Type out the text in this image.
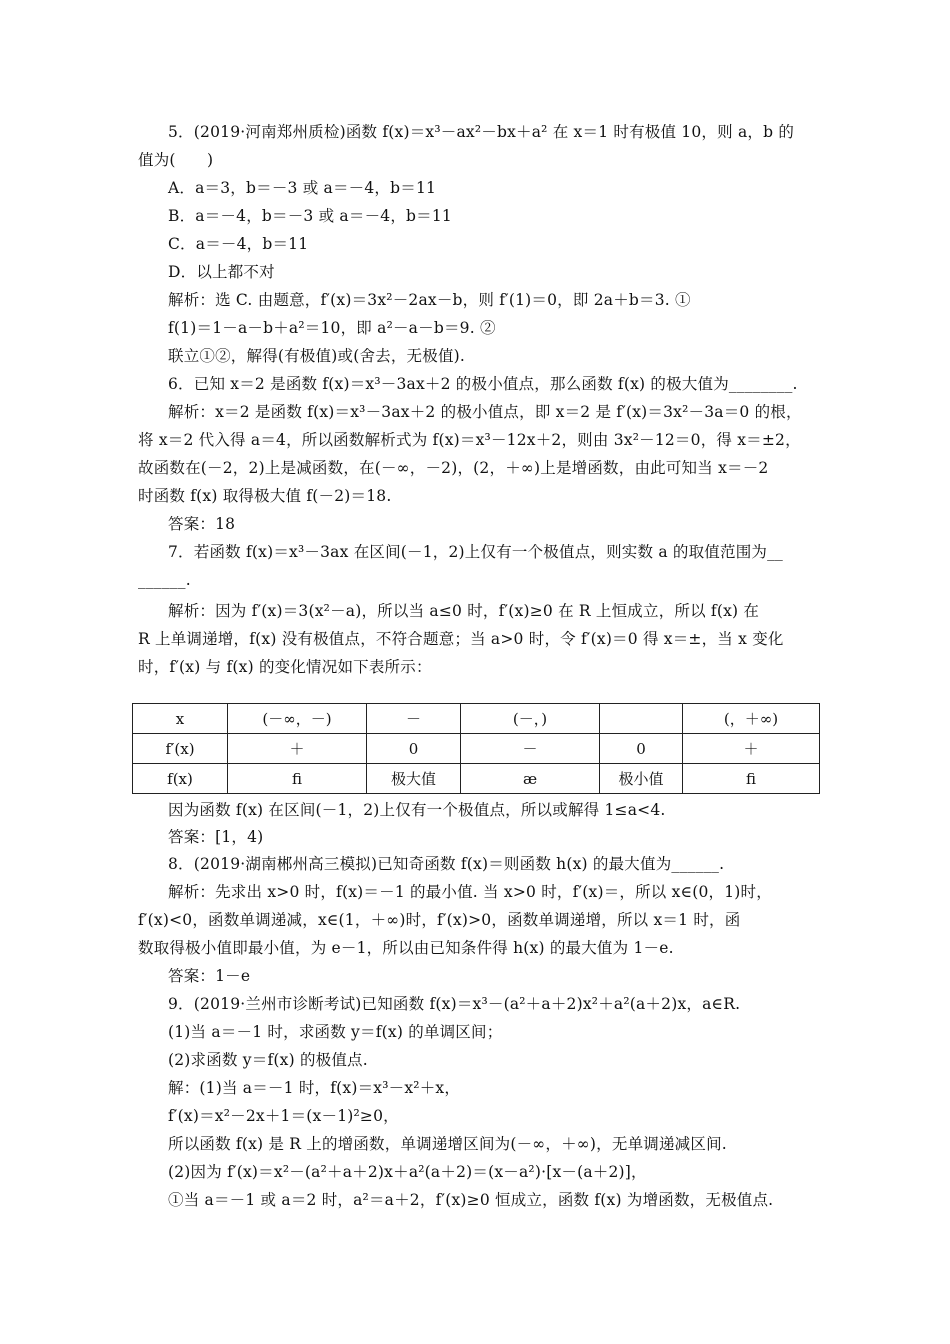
5．(2019·河南郑州质检)函数 f(x)＝x³－ax²－bx＋a² 在 x＝1 时有极值 10，则 a，b 的
值为(　　)
A．a＝3，b＝－3 或 a＝－4，b＝11
B．a＝－4，b＝－3 或 a＝－4，b＝11
C．a＝－4，b＝11
D．以上都不对
解析：选 C. 由题意，f′(x)＝3x²－2ax－b，则 f′(1)＝0，即 2a＋b＝3. ①
f(1)＝1－a－b＋a²＝10，即 a²－a－b＝9. ②
联立①②，解得(有极值)或(舍去，无极值).
6．已知 x＝2 是函数 f(x)＝x³－3ax＋2 的极小值点，那么函数 f(x) 的极大值为________.
解析：x＝2 是函数 f(x)＝x³－3ax＋2 的极小值点，即 x＝2 是 f′(x)＝3x²－3a＝0 的根，
将 x＝2 代入得 a＝4，所以函数解析式为 f(x)＝x³－12x＋2，则由 3x²－12＝0，得 x＝±2，
故函数在(－2，2)上是减函数，在(－∞，－2)，(2，＋∞)上是增函数，由此可知当 x＝－2
时函数 f(x) 取得极大值 f(－2)＝18.
答案：18
7．若函数 f(x)＝x³－3ax 在区间(－1，2)上仅有一个极值点，则实数 a 的取值范围为__
______.
解析：因为 f′(x)＝3(x²－a)，所以当 a≤0 时，f′(x)≥0 在 R 上恒成立，所以 f(x) 在
R 上单调递增，f(x) 没有极值点，不符合题意；当 a>0 时，令 f′(x)＝0 得 x＝±，当 x 变化
时，f′(x) 与 f(x) 的变化情况如下表所示：
x	(－∞，－)	－	(－，)		(，＋∞)
f′(x)	＋	0	－	0	＋
f(x)	ﬁ	极大值	æ	极小值	ﬁ
因为函数 f(x) 在区间(－1，2)上仅有一个极值点，所以或解得 1≤a<4.
答案：[1，4)
8．(2019·湖南郴州高三模拟)已知奇函数 f(x)＝则函数 h(x) 的最大值为______.
解析：先求出 x>0 时，f(x)＝－1 的最小值. 当 x>0 时，f′(x)＝，所以 x∈(0，1)时，
f′(x)<0，函数单调递减，x∈(1，＋∞)时，f′(x)>0，函数单调递增，所以 x＝1 时，函
数取得极小值即最小值，为 e－1，所以由已知条件得 h(x) 的最大值为 1－e.
答案：1－e
9．(2019·兰州市诊断考试)已知函数 f(x)＝x³－(a²＋a＋2)x²＋a²(a＋2)x，a∈R.
(1)当 a＝－1 时，求函数 y＝f(x) 的单调区间；
(2)求函数 y＝f(x) 的极值点.
解：(1)当 a＝－1 时，f(x)＝x³－x²＋x，
f′(x)＝x²－2x＋1＝(x－1)²≥0，
所以函数 f(x) 是 R 上的增函数，单调递增区间为(－∞，＋∞)，无单调递减区间.
(2)因为 f′(x)＝x²－(a²＋a＋2)x＋a²(a＋2)＝(x－a²)·[x－(a＋2)]，
①当 a＝－1 或 a＝2 时，a²＝a＋2，f′(x)≥0 恒成立，函数 f(x) 为增函数，无极值点.
